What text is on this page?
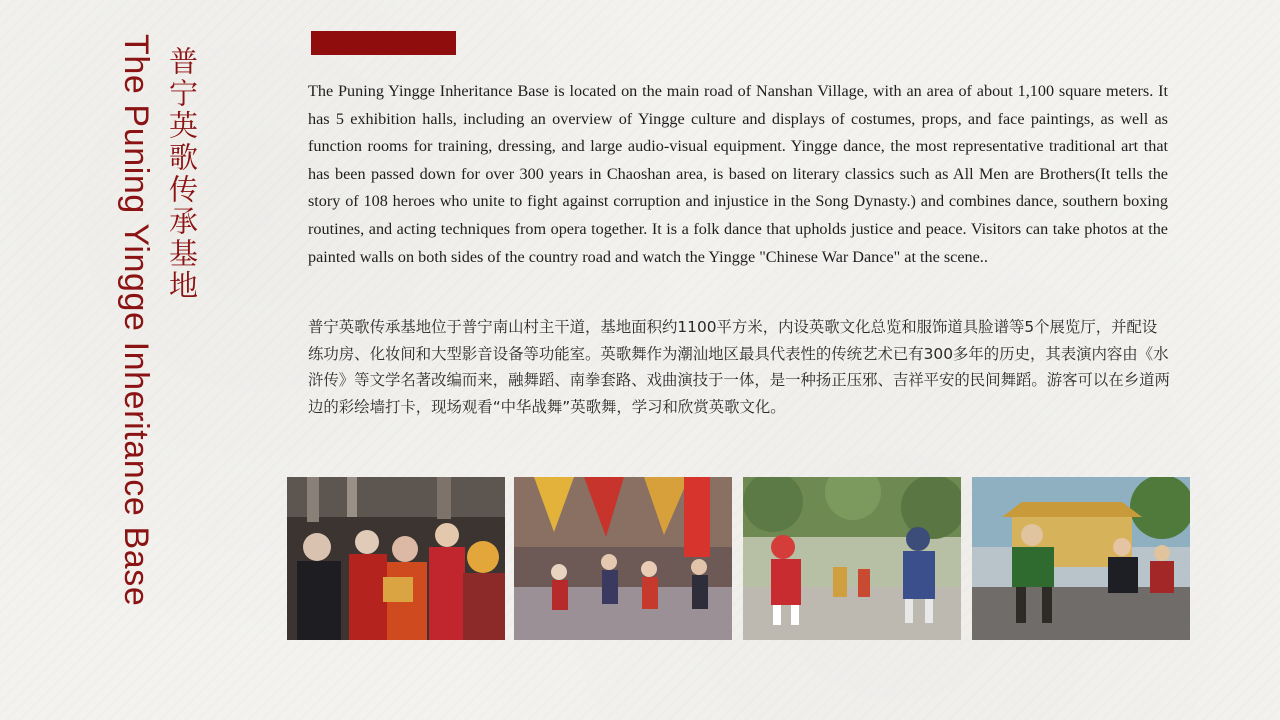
The Puning Yingge Inheritance Base 普宁英歌传承基地	The Puning Yingge Inheritance Base is located on the main road of Nanshan Village, with an area of about 1,100 square meters. It has 5 exhibition halls, including an overview of Yingge culture and displays of costumes, props, and face paintings, as well as function rooms for training, dressing, and large audio-visual equipment. Yingge dance, the most representative traditional art that has been passed down for over 300 years in Chaoshan area, is based on literary classics such as All Men are Brothers(It tells the story of 108 heroes who unite to fight against corruption and injustice in the Song Dynasty.) and combines dance, southern boxing routines, and acting techniques from opera together. It is a folk dance that upholds justice and peace. Visitors can take photos at the painted walls on both sides of the country road and watch the Yingge "Chinese War Dance" at the scene..

普宁英歌传承基地位于普宁南山村主干道，基地面积约1100平方米，内设英歌文化总览和服饰道具脸谱等5个展览厅，并配设练功房、化妆间和大型影音设备等功能室。英歌舞作为潮汕地区最具代表性的传统艺术已有300多年的历史，其表演内容由《水浒传》等文学名著改编而来，融舞蹈、南拳套路、戏曲演技于一体，是一种扬正压邪、吉祥平安的民间舞蹈。游客可以在乡道两边的彩绘墙打卡，现场观看“中华战舞”英歌舞，学习和欣赏英歌文化。
